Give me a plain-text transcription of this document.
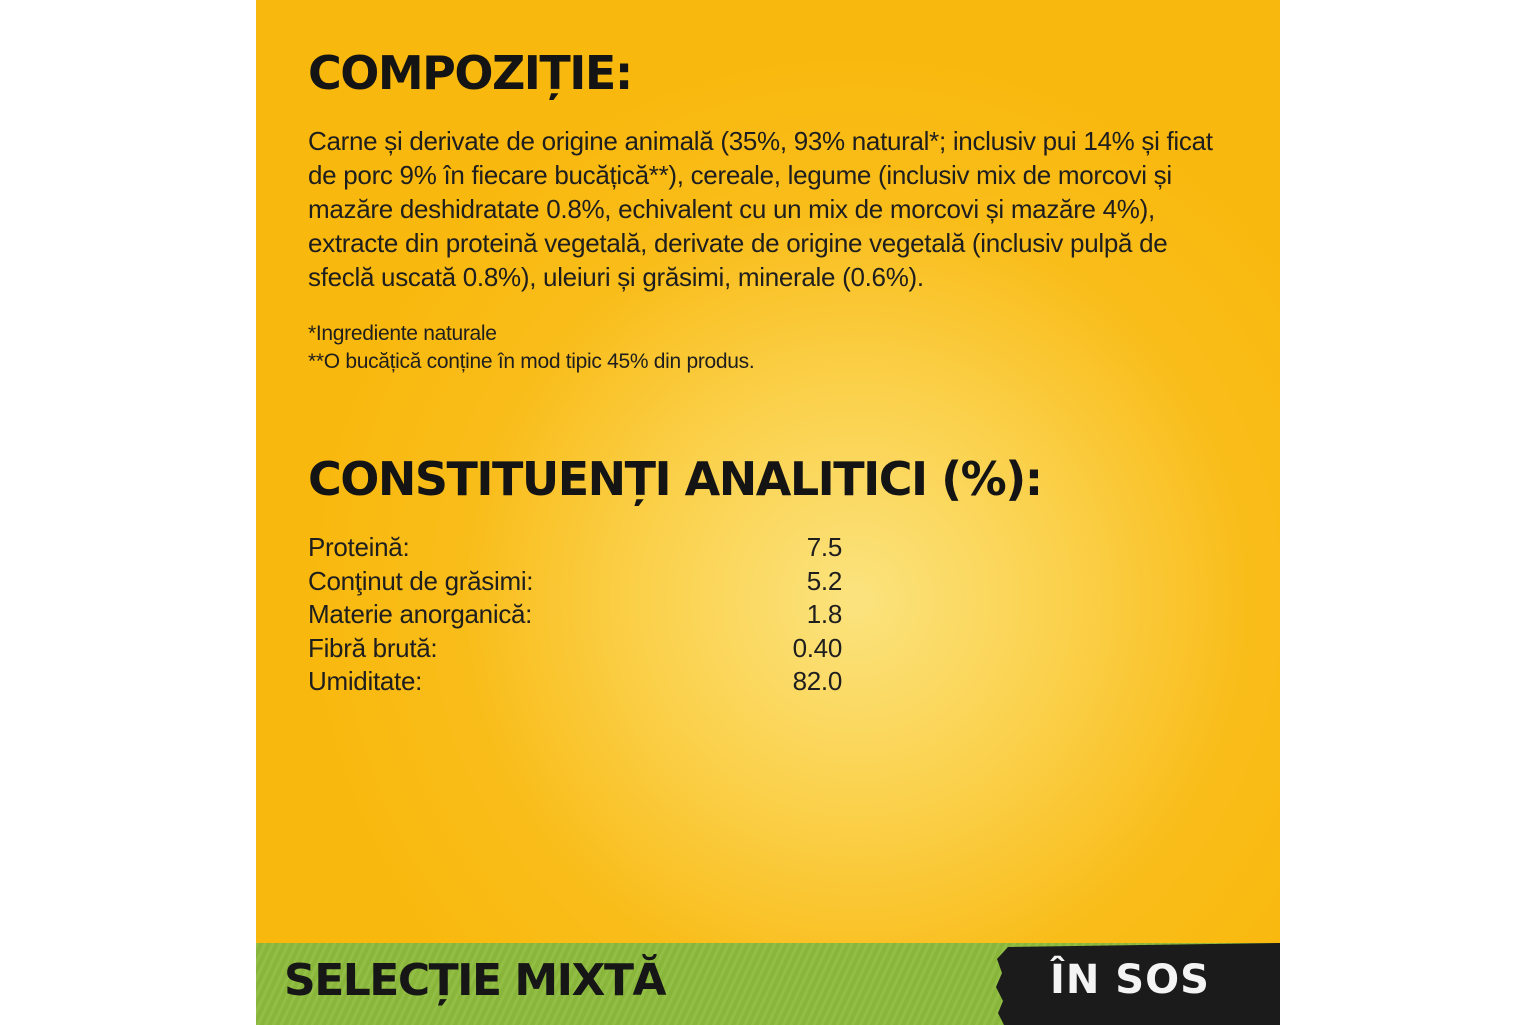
COMPOZIȚIE:

Carne și derivate de origine animală (35%, 93% natural*; inclusiv pui 14% și ficat de porc 9% în fiecare bucățică**), cereale, legume (inclusiv mix de morcovi și mazăre deshidratate 0.8%, echivalent cu un mix de morcovi și mazăre 4%), extracte din proteină vegetală, derivate de origine vegetală (inclusiv pulpă de sfeclă uscată 0.8%), uleiuri și grăsimi, minerale (0.6%).

*Ingrediente naturale
**O bucățică conține în mod tipic 45% din produs.
CONSTITUENȚI ANALITICI (%):
Proteină:	7.5
Conţinut de grăsimi:	5.2
Materie anorganică:	1.8
Fibră brută:	0.40
Umiditate:	82.0
SELECȚIE MIXTĂ	ÎN SOS
